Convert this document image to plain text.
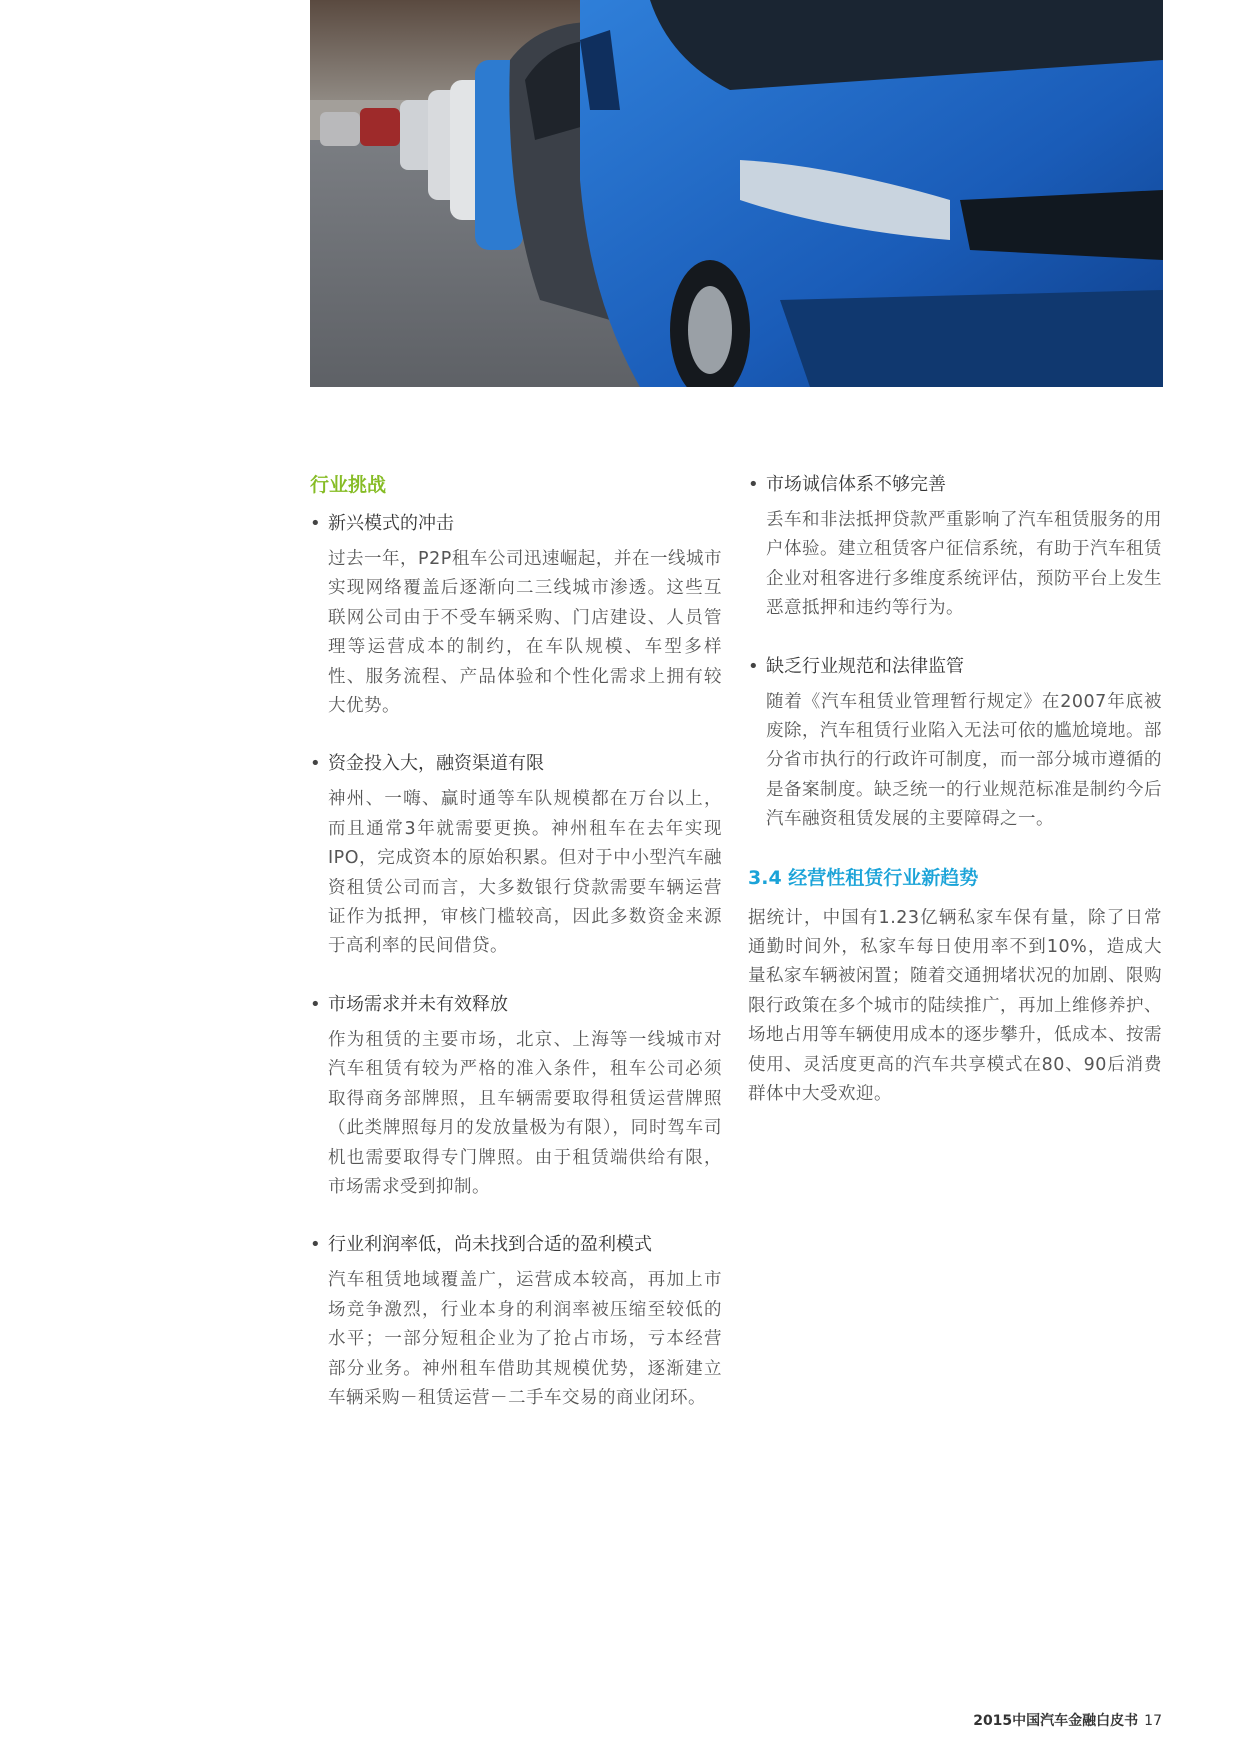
行业挑战
• 新兴模式的冲击
过去一年，P2P租车公司迅速崛起，并在一线城市实现网络覆盖后逐渐向二三线城市渗透。这些互联网公司由于不受车辆采购、门店建设、人员管理等运营成本的制约，在车队规模、车型多样性、服务流程、产品体验和个性化需求上拥有较大优势。
• 资金投入大，融资渠道有限
神州、一嗨、赢时通等车队规模都在万台以上，而且通常3年就需要更换。神州租车在去年实现IPO，完成资本的原始积累。但对于中小型汽车融资租赁公司而言，大多数银行贷款需要车辆运营证作为抵押，审核门槛较高，因此多数资金来源于高利率的民间借贷。
• 市场需求并未有效释放
作为租赁的主要市场，北京、上海等一线城市对汽车租赁有较为严格的准入条件，租车公司必须取得商务部牌照，且车辆需要取得租赁运营牌照（此类牌照每月的发放量极为有限），同时驾车司机也需要取得专门牌照。由于租赁端供给有限，市场需求受到抑制。
• 行业利润率低，尚未找到合适的盈利模式
汽车租赁地域覆盖广，运营成本较高，再加上市场竞争激烈，行业本身的利润率被压缩至较低的水平；一部分短租企业为了抢占市场，亏本经营部分业务。神州租车借助其规模优势，逐渐建立车辆采购－租赁运营－二手车交易的商业闭环。
• 市场诚信体系不够完善
丢车和非法抵押贷款严重影响了汽车租赁服务的用户体验。建立租赁客户征信系统，有助于汽车租赁企业对租客进行多维度系统评估，预防平台上发生恶意抵押和违约等行为。
• 缺乏行业规范和法律监管
随着《汽车租赁业管理暂行规定》在2007年底被废除，汽车租赁行业陷入无法可依的尴尬境地。部分省市执行的行政许可制度，而一部分城市遵循的是备案制度。缺乏统一的行业规范标准是制约今后汽车融资租赁发展的主要障碍之一。
3.4 经营性租赁行业新趋势
据统计，中国有1.23亿辆私家车保有量，除了日常通勤时间外，私家车每日使用率不到10%，造成大量私家车辆被闲置；随着交通拥堵状况的加剧、限购限行政策在多个城市的陆续推广，再加上维修养护、场地占用等车辆使用成本的逐步攀升，低成本、按需使用、灵活度更高的汽车共享模式在80、90后消费群体中大受欢迎。
2015中国汽车金融白皮书 17
